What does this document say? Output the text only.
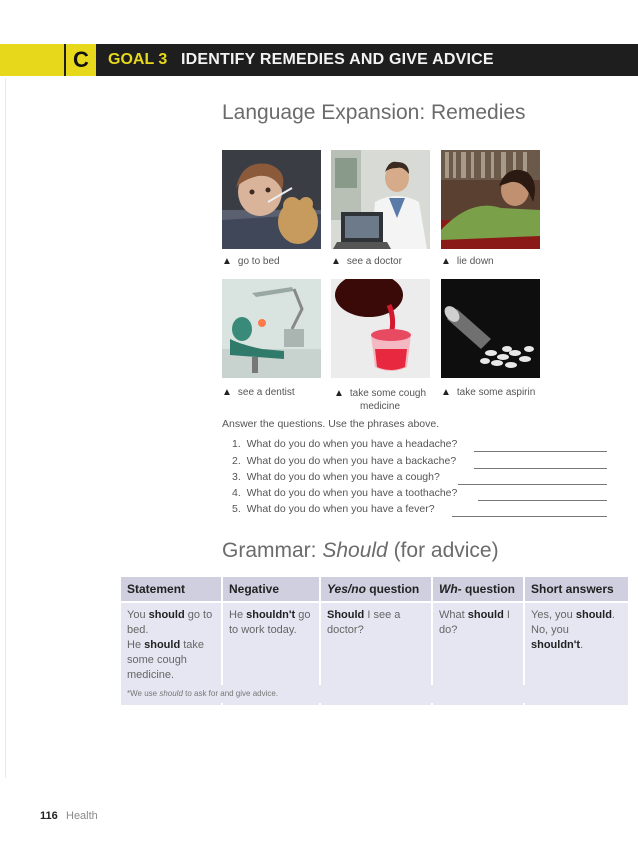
C	GOAL 3 IDENTIFY REMEDIES AND GIVE ADVICE
Language Expansion: Remedies
▲ go to bed	▲ see a doctor	▲ lie down
▲ see a dentist	▲ take some cough
medicine
▲ take some aspirin
Answer the questions. Use the phrases above.
1. What do you do when you have a headache?
2. What do you do when you have a backache?
3. What do you do when you have a cough?
4. What do you do when you have a toothache?
5. What do you do when you have a fever?
Grammar: Should (for advice)
Statement	Negative	Yes/no question	Wh- question	Short answers
You should go to bed.
He should take some cough medicine.	He shouldn't go to work today.	Should I see a doctor?	What should I do?	Yes, you should.
No, you shouldn't.
*We use should to ask for and give advice.
116 Health
